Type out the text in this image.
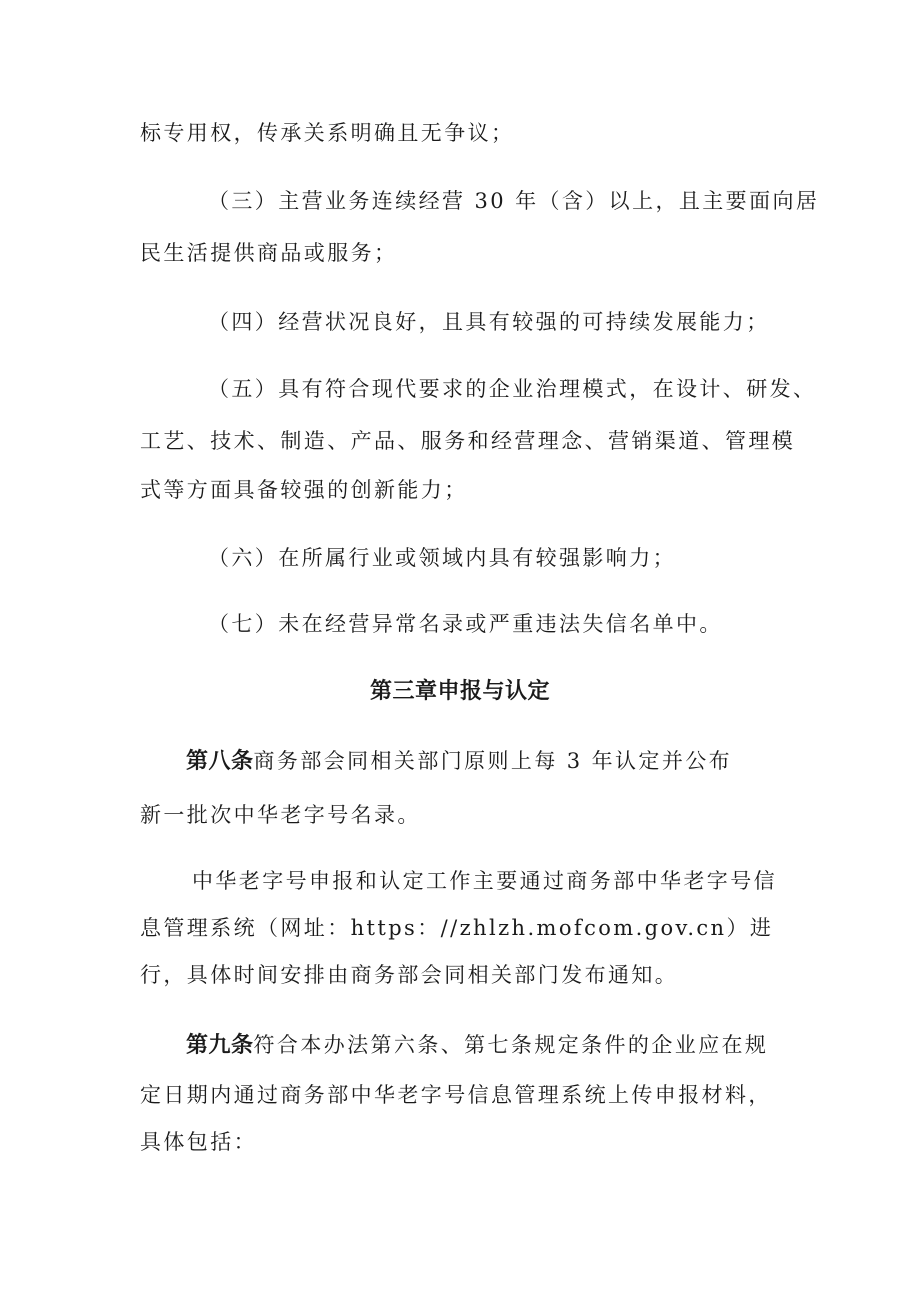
标专用权，传承关系明确且无争议；

（三）主营业务连续经营 30 年（含）以上，且主要面向居

民生活提供商品或服务；

（四）经营状况良好，且具有较强的可持续发展能力；

（五）具有符合现代要求的企业治理模式，在设计、研发、

工艺、技术、制造、产品、服务和经营理念、营销渠道、管理模

式等方面具备较强的创新能力；

（六）在所属行业或领域内具有较强影响力；

（七）未在经营异常名录或严重违法失信名单中。

第三章申报与认定

第八条商务部会同相关部门原则上每 3 年认定并公布

新一批次中华老字号名录。

中华老字号申报和认定工作主要通过商务部中华老字号信

息管理系统（网址：https：//zhlzh.mofcom.gov.cn）进

行，具体时间安排由商务部会同相关部门发布通知。

第九条符合本办法第六条、第七条规定条件的企业应在规

定日期内通过商务部中华老字号信息管理系统上传申报材料，

具体包括：
